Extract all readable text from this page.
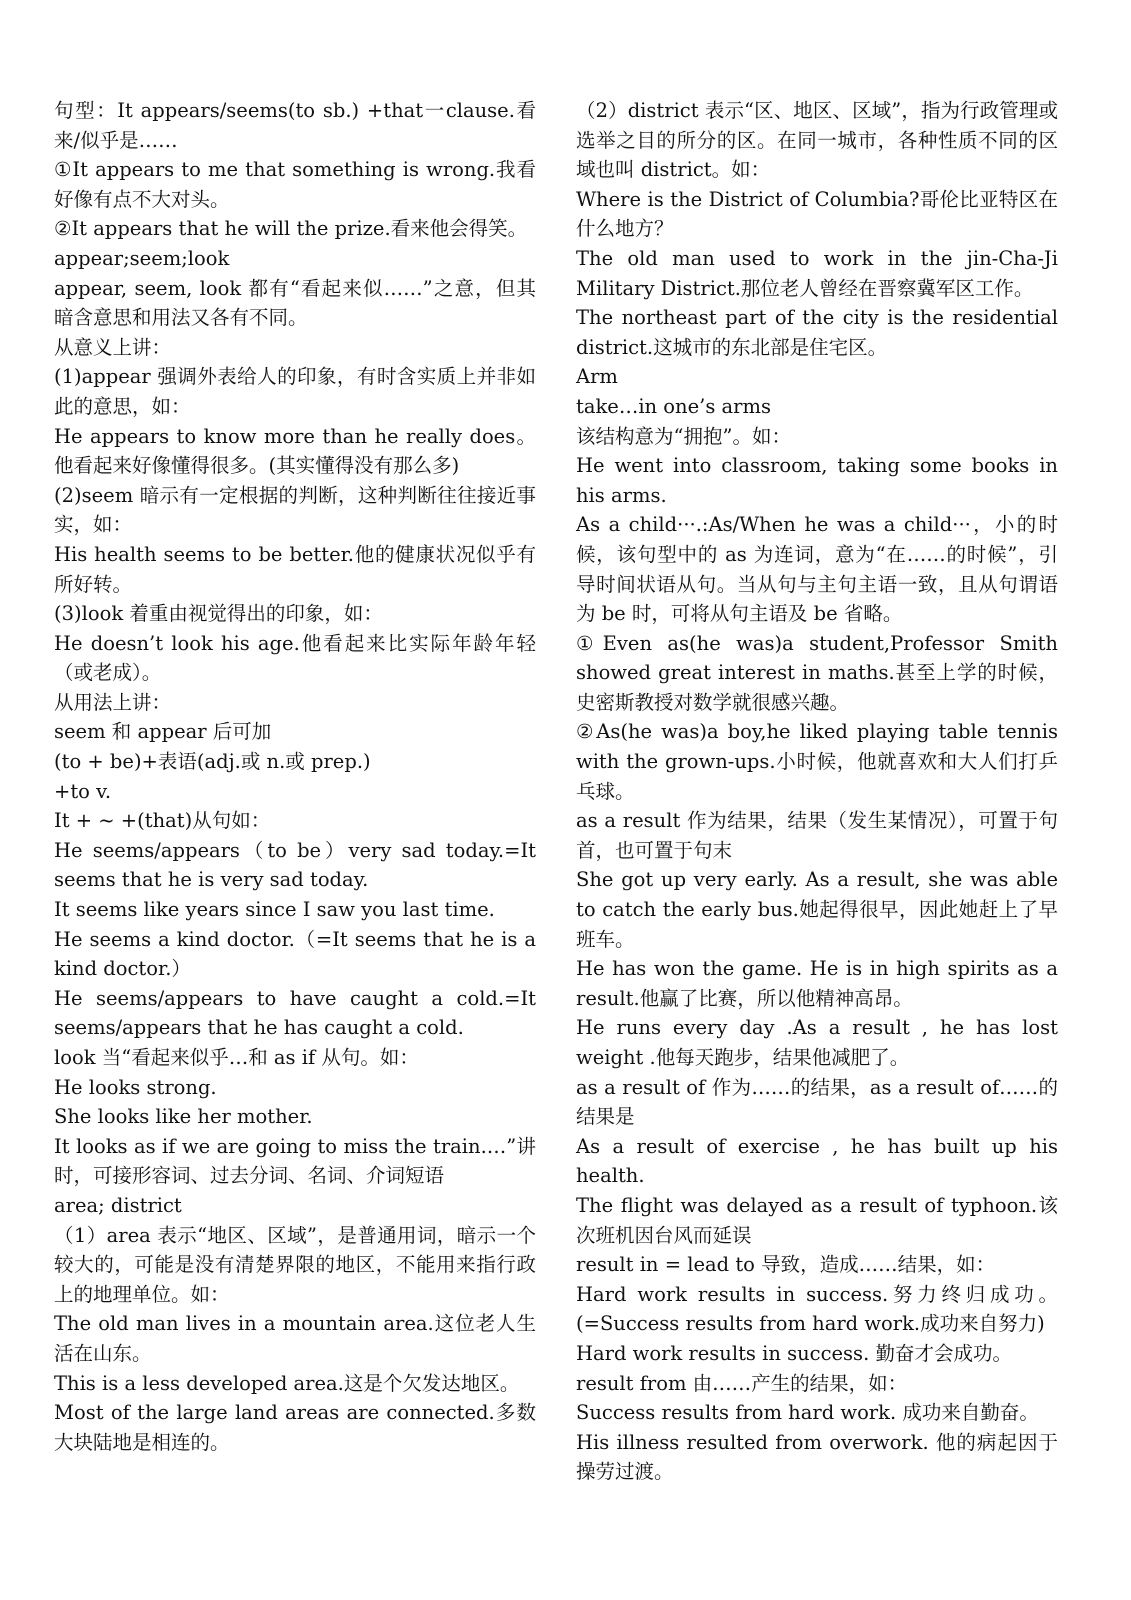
句型：It appears/seems(to sb.) +that一clause.看来/似乎是……

①It appears to me that something is wrong.我看好像有点不大对头。

②It appears that he will the prize.看来他会得笑。

appear;seem;look

appear, seem, look 都有“看起来似……”之意，但其暗含意思和用法又各有不同。

从意义上讲：

(1)appear 强调外表给人的印象，有时含实质上并非如此的意思，如：

He appears to know more than he really does。他看起来好像懂得很多。(其实懂得没有那么多)

(2)seem 暗示有一定根据的判断，这种判断往往接近事实，如：

His health seems to be better.他的健康状况似乎有所好转。

(3)look 着重由视觉得出的印象，如：

He doesn’t look his age.他看起来比实际年龄年轻（或老成）。

从用法上讲：

seem 和 appear 后可加

(to + be)+表语(adj.或 n.或 prep.)

+to v.

It + ~ +(that)从句如：

He seems/appears（to be）very sad today.=It seems that he is very sad today.

It seems like years since I saw you last time.

He seems a kind doctor.（=It seems that he is a kind doctor.）

He seems/appears to have caught a cold.=It seems/appears that he has caught a cold.

look 当“看起来似乎…和 as if 从句。如：

He looks strong.

She looks like her mother.

It looks as if we are going to miss the train.…”讲时，可接形容词、过去分词、名词、介词短语

area; district

（1）area 表示“地区、区域”，是普通用词，暗示一个较大的，可能是没有清楚界限的地区，不能用来指行政上的地理单位。如：

The old man lives in a mountain area.这位老人生活在山东。

This is a less developed area.这是个欠发达地区。

Most of the large land areas are connected.多数大块陆地是相连的。

（2）district 表示“区、地区、区域”，指为行政管理或选举之目的所分的区。在同一城市，各种性质不同的区域也叫 district。如：

Where is the District of Columbia?哥伦比亚特区在什么地方？

The old man used to work in the jin-Cha-Ji Military District.那位老人曾经在晋察冀军区工作。

The northeast part of the city is the residential district.这城市的东北部是住宅区。

Arm

take…in one’s arms

该结构意为“拥抱”。如：

He went into classroom, taking some books in his arms.

As a child···.:As/When he was a child···，小的时候，该句型中的 as 为连词，意为“在……的时候”，引导时间状语从句。当从句与主句主语一致，且从句谓语为 be 时，可将从句主语及 be 省略。

①Even as(he was)a student,Professor Smith showed great interest in maths.甚至上学的时候，史密斯教授对数学就很感兴趣。

②As(he was)a boy,he liked playing table tennis with the grown-ups.小时候，他就喜欢和大人们打乒乓球。

as a result 作为结果，结果（发生某情况），可置于句首，也可置于句末

She got up very early. As a result, she was able to catch the early bus.她起得很早，因此她赶上了早班车。

He has won the game. He is in high spirits as a result.他赢了比赛，所以他精神高昂。

He runs every day .As a result , he has lost weight .他每天跑步，结果他减肥了。

as a result of 作为……的结果，as a result of……的结果是

As a result of exercise , he has built up his health.

The flight was delayed as a result of typhoon.该次班机因台风而延误

result in = lead to 导致，造成……结果，如：

Hard work results in success.努力终归成功。(=Success results from hard work.成功来自努力)

Hard work results in success. 勤奋才会成功。

result from 由……产生的结果，如：

Success results from hard work. 成功来自勤奋。

His illness resulted from overwork. 他的病起因于操劳过渡。
